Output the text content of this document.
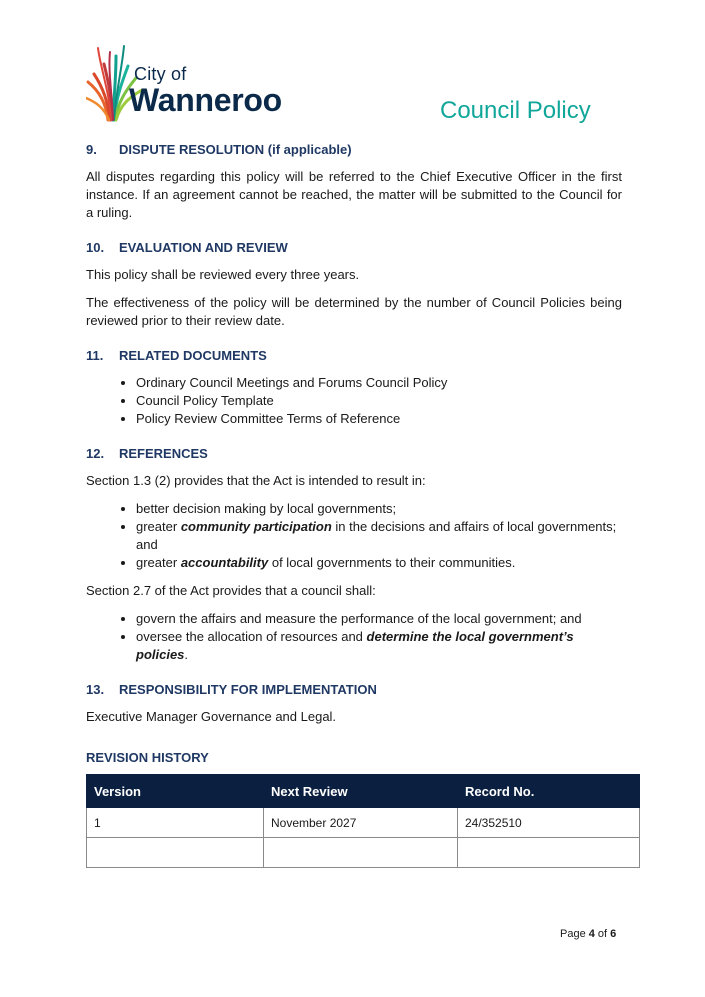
City of
Wanneroo	Council Policy
9.	DISPUTE RESOLUTION (if applicable)

All disputes regarding this policy will be referred to the Chief Executive Officer in the first instance. If an agreement cannot be reached, the matter will be submitted to the Council for a ruling.

10.	EVALUATION AND REVIEW

This policy shall be reviewed every three years.

The effectiveness of the policy will be determined by the number of Council Policies being reviewed prior to their review date.

11.	RELATED DOCUMENTS
• Ordinary Council Meetings and Forums Council Policy
• Council Policy Template
• Policy Review Committee Terms of Reference
12.	REFERENCES

Section 1.3 (2) provides that the Act is intended to result in:

• better decision making by local governments;
• greater community participation in the decisions and affairs of local governments; and
• greater accountability of local governments to their communities.

Section 2.7 of the Act provides that a council shall:

• govern the affairs and measure the performance of the local government; and
• oversee the allocation of resources and determine the local government’s policies.
13.	RESPONSIBILITY FOR IMPLEMENTATION

Executive Manager Governance and Legal.

REVISION HISTORY
Version	Next Review	Record No.
1	November 2027	24/352510

Page 4 of 6
